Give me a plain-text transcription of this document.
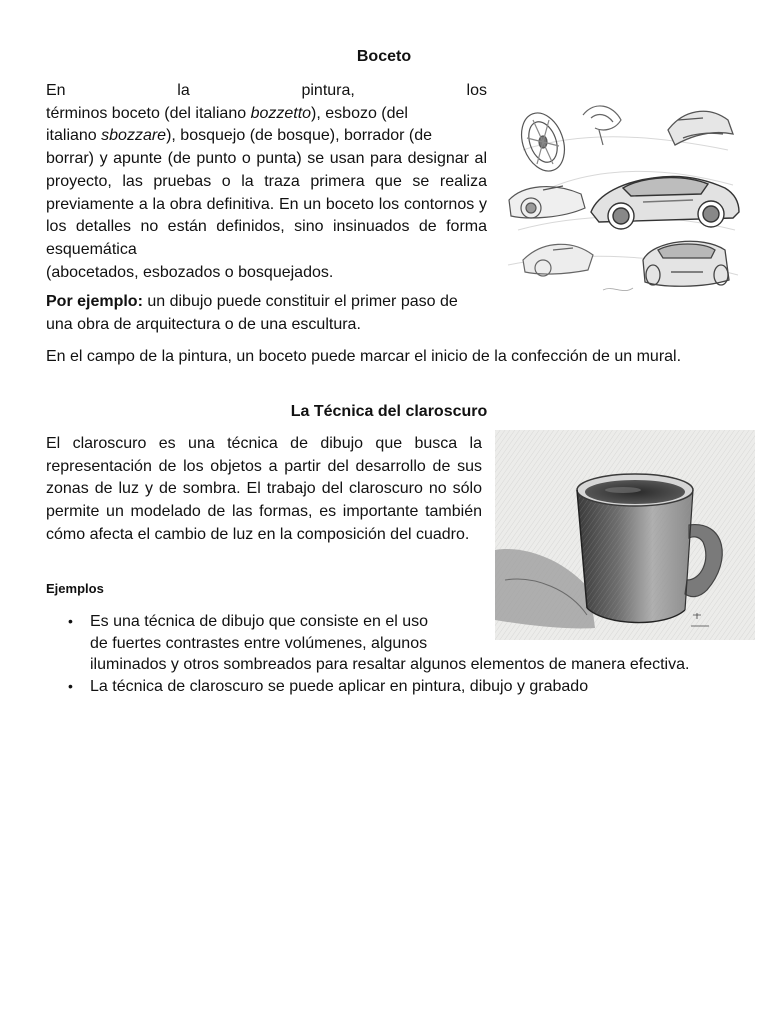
Boceto

En	la pintura,	los

términos boceto (del italiano bozzetto), esbozo (del

italiano sbozzare), bosquejo (de bosque), borrador (de

borrar) y apunte (de punto o punta) se usan para designar al proyecto, las pruebas o la traza primera que se realiza previamente a la obra definitiva. En un boceto los contornos y los detalles no están definidos, sino insinuados de forma esquemática

(abocetados, esbozados o bosquejados.

Por ejemplo: un dibujo puede constituir el primer paso de una obra de arquitectura o de una escultura.

En el campo de la pintura, un boceto puede marcar el inicio de la confección de un mural.

La Técnica del claroscuro

El claroscuro es una técnica de dibujo que busca la representación de los objetos a partir del desarrollo de sus zonas de luz y de sombra. El trabajo del claroscuro no sólo permite un modelado de las formas, es importante también cómo afecta el cambio de luz en la composición del cuadro.

Ejemplos
• Es una técnica de dibujo que consiste en el uso
de fuertes contrastes entre volúmenes, algunos
iluminados y otros sombreados para resaltar algunos elementos de manera efectiva.
• La técnica de claroscuro se puede aplicar en pintura, dibujo y grabado
